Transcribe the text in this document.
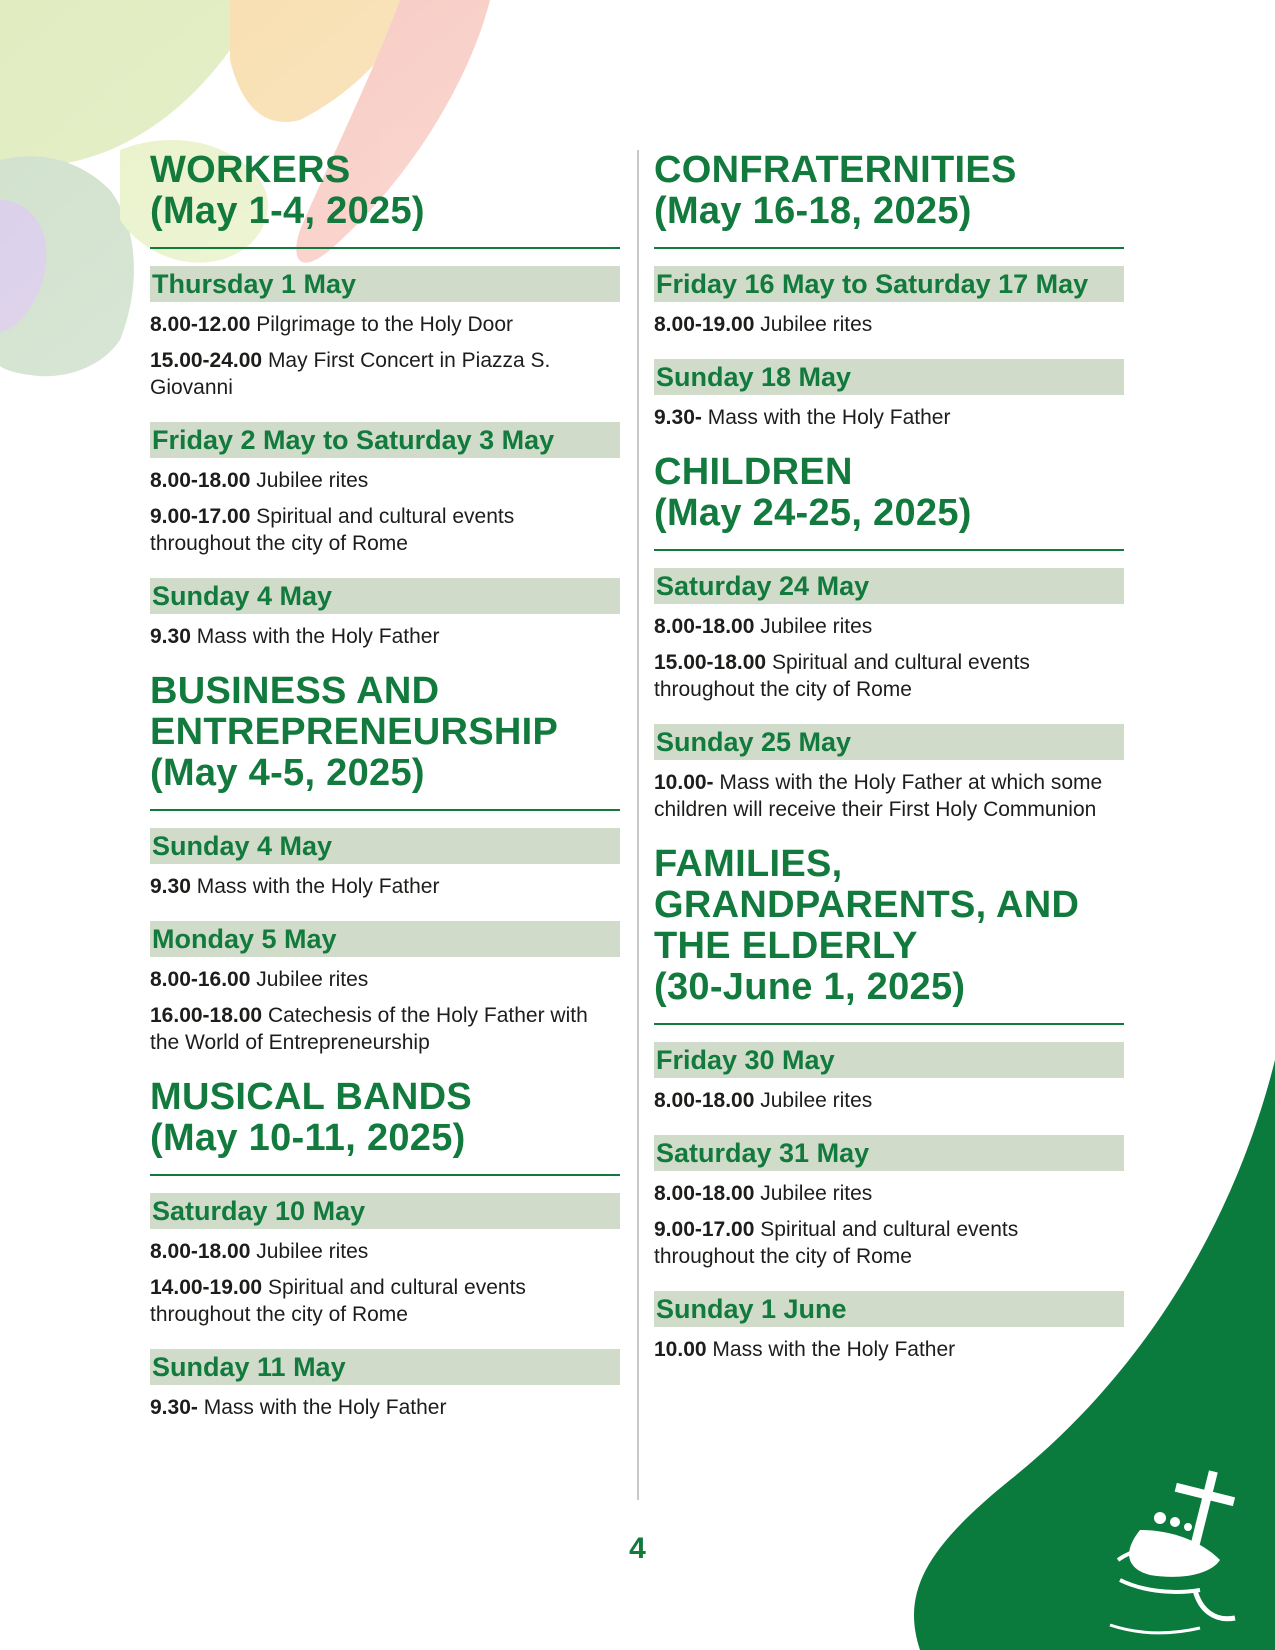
WORKERS
(May 1-4, 2025)
Thursday 1 May

8.00-12.00 Pilgrimage to the Holy Door

15.00-24.00 May First Concert in Piazza S. Giovanni

Friday 2 May to Saturday 3 May

8.00-18.00 Jubilee rites

9.00-17.00 Spiritual and cultural events throughout the city of Rome

Sunday 4 May

9.30 Mass with the Holy Father

BUSINESS AND
ENTREPRENEURSHIP
(May 4-5, 2025)
Sunday 4 May

9.30 Mass with the Holy Father

Monday 5 May

8.00-16.00 Jubilee rites

16.00-18.00 Catechesis of the Holy Father with the World of Entrepreneurship

MUSICAL BANDS
(May 10-11, 2025)
Saturday 10 May

8.00-18.00 Jubilee rites

14.00-19.00 Spiritual and cultural events throughout the city of Rome

Sunday 11 May

9.30- Mass with the Holy Father

CONFRATERNITIES
(May 16-18, 2025)
Friday 16 May to Saturday 17 May

8.00-19.00 Jubilee rites

Sunday 18 May

9.30- Mass with the Holy Father

CHILDREN
(May 24-25, 2025)
Saturday 24 May

8.00-18.00 Jubilee rites

15.00-18.00 Spiritual and cultural events throughout the city of Rome

Sunday 25 May

10.00- Mass with the Holy Father at which some children will receive their First Holy Communion

FAMILIES,
GRANDPARENTS, AND
THE ELDERLY
(30-June 1, 2025)
Friday 30 May

8.00-18.00 Jubilee rites

Saturday 31 May

8.00-18.00 Jubilee rites

9.00-17.00 Spiritual and cultural events throughout the city of Rome

Sunday 1 June

10.00 Mass with the Holy Father

4
